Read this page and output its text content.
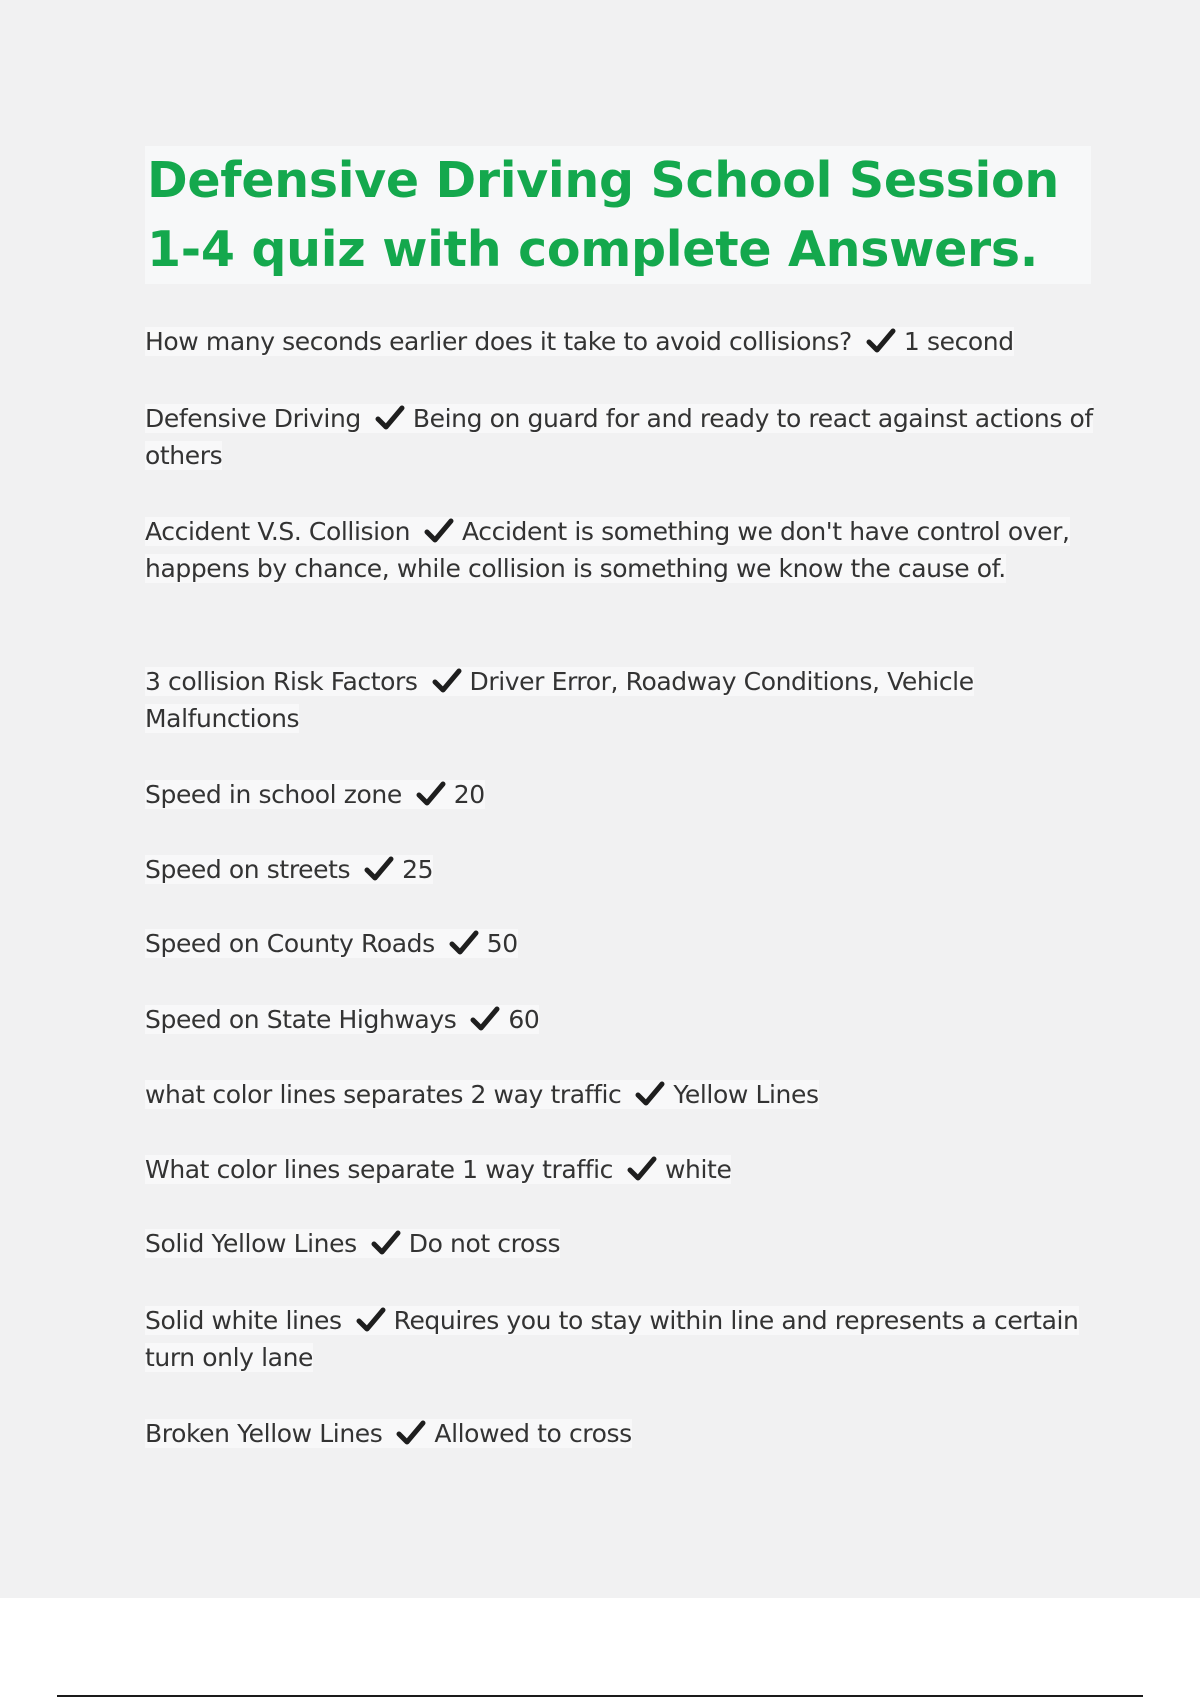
Defensive Driving School Session 1-4 quiz with complete Answers.
How many seconds earlier does it take to avoid collisions? 1 second
Defensive Driving Being on guard for and ready to react against actions of others
Accident V.S. Collision Accident is something we don't have control over, happens by chance, while collision is something we know the cause of.
3 collision Risk Factors Driver Error, Roadway Conditions, Vehicle Malfunctions
Speed in school zone 20
Speed on streets 25
Speed on County Roads 50
Speed on State Highways 60
what color lines separates 2 way traffic Yellow Lines
What color lines separate 1 way traffic white
Solid Yellow Lines Do not cross
Solid white lines Requires you to stay within line and represents a certain turn only lane
Broken Yellow Lines Allowed to cross
